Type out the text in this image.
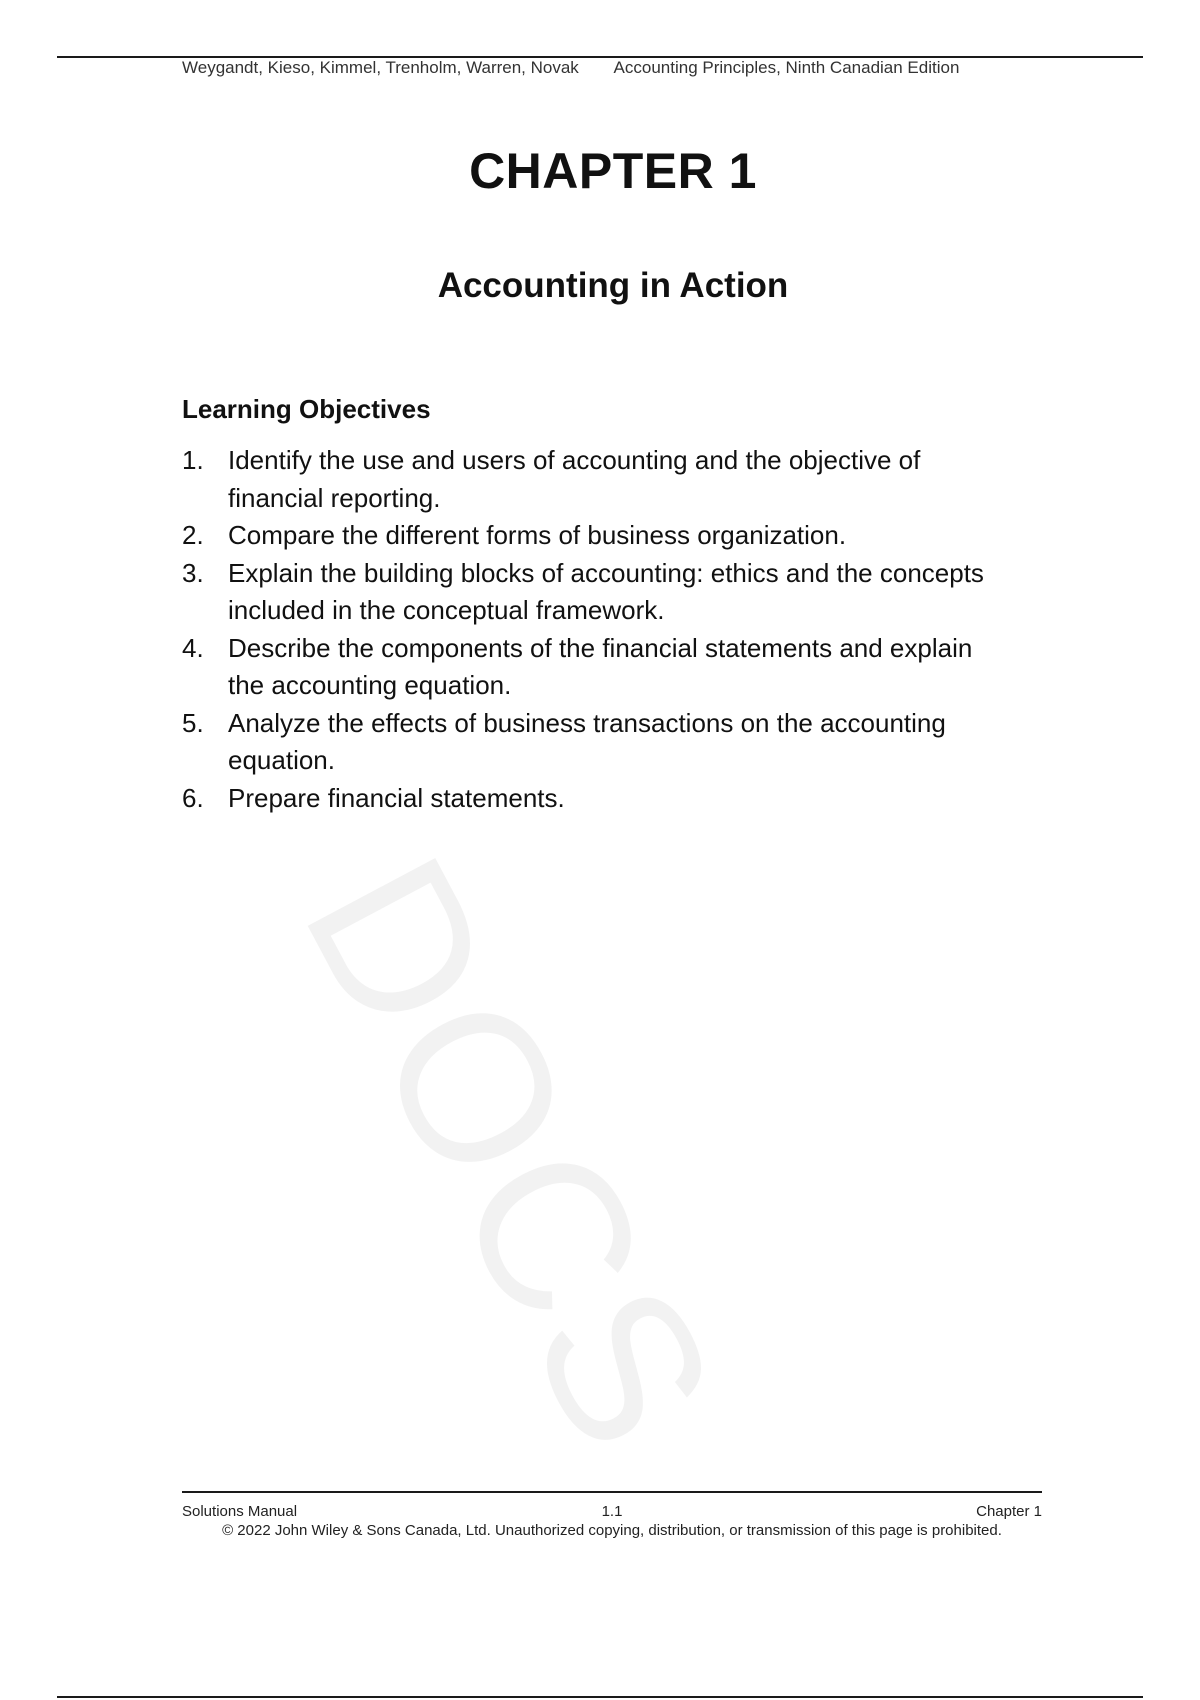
Weygandt, Kieso, Kimmel, Trenholm, Warren, Novak Accounting Principles, Ninth Canadian Edition
DOCS
CHAPTER 1
Accounting in Action
Learning Objectives
1. Identify the use and users of accounting and the objective of financial reporting.
2. Compare the different forms of business organization.
3. Explain the building blocks of accounting: ethics and the concepts included in the conceptual framework.
4. Describe the components of the financial statements and explain the accounting equation.
5. Analyze the effects of business transactions on the accounting equation.
6. Prepare financial statements.
1.1
Solutions Manual	Chapter 1
© 2022 John Wiley & Sons Canada, Ltd. Unauthorized copying, distribution, or transmission of this page is prohibited.
